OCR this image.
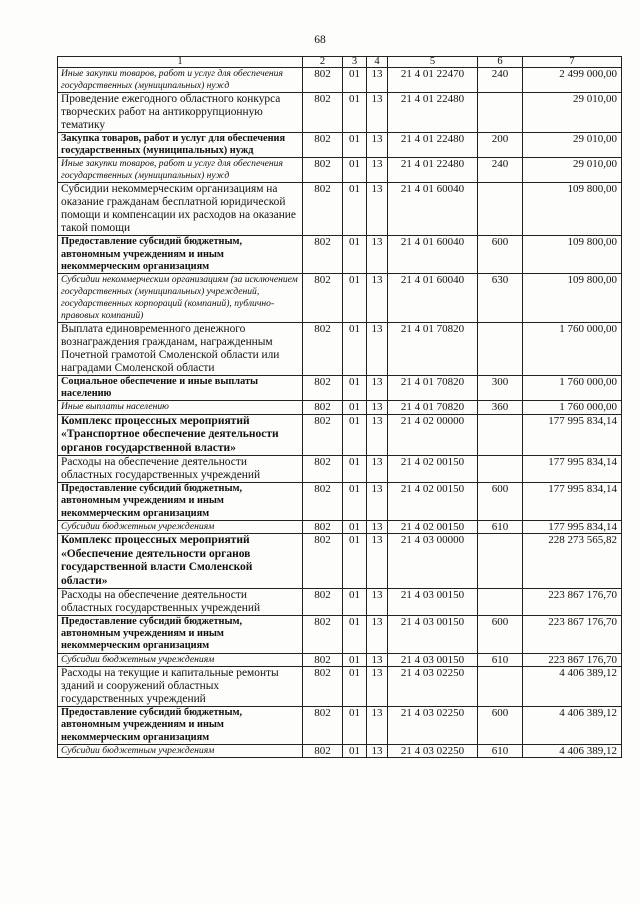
68
1	2	3	4	5	6	7
Иные закупки товаров, работ и услуг для обеспечения государственных (муниципальных) нужд	802	01	13	21 4 01 22470	240	2 499 000,00
Проведение ежегодного областного конкурса творческих работ на антикоррупционную тематику	802	01	13	21 4 01 22480		29 010,00
Закупка товаров, работ и услуг для обеспечения государственных (муниципальных) нужд	802	01	13	21 4 01 22480	200	29 010,00
Иные закупки товаров, работ и услуг для обеспечения государственных (муниципальных) нужд	802	01	13	21 4 01 22480	240	29 010,00
Субсидии некоммерческим организациям на оказание гражданам бесплатной юридической помощи и компенсации их расходов на оказание такой помощи	802	01	13	21 4 01 60040		109 800,00
Предоставление субсидий бюджетным, автономным учреждениям и иным некоммерческим организациям	802	01	13	21 4 01 60040	600	109 800,00
Субсидии некоммерческим организациям (за исключением государственных (муниципальных) учреждений, государственных корпораций (компаний), публично-правовых компаний)	802	01	13	21 4 01 60040	630	109 800,00
Выплата единовременного денежного вознаграждения гражданам, награжденным Почетной грамотой Смоленской области или наградами Смоленской области	802	01	13	21 4 01 70820		1 760 000,00
Социальное обеспечение и иные выплаты населению	802	01	13	21 4 01 70820	300	1 760 000,00
Иные выплаты населению	802	01	13	21 4 01 70820	360	1 760 000,00
Комплекс процессных мероприятий «Транспортное обеспечение деятельности органов государственной власти»	802	01	13	21 4 02 00000		177 995 834,14
Расходы на обеспечение деятельности областных государственных учреждений	802	01	13	21 4 02 00150		177 995 834,14
Предоставление субсидий бюджетным, автономным учреждениям и иным некоммерческим организациям	802	01	13	21 4 02 00150	600	177 995 834,14
Субсидии бюджетным учреждениям	802	01	13	21 4 02 00150	610	177 995 834,14
Комплекс процессных мероприятий «Обеспечение деятельности органов государственной власти Смоленской области»	802	01	13	21 4 03 00000		228 273 565,82
Расходы на обеспечение деятельности областных государственных учреждений	802	01	13	21 4 03 00150		223 867 176,70
Предоставление субсидий бюджетным, автономным учреждениям и иным некоммерческим организациям	802	01	13	21 4 03 00150	600	223 867 176,70
Субсидии бюджетным учреждениям	802	01	13	21 4 03 00150	610	223 867 176,70
Расходы на текущие и капитальные ремонты зданий и сооружений областных государственных учреждений	802	01	13	21 4 03 02250		4 406 389,12
Предоставление субсидий бюджетным, автономным учреждениям и иным некоммерческим организациям	802	01	13	21 4 03 02250	600	4 406 389,12
Субсидии бюджетным учреждениям	802	01	13	21 4 03 02250	610	4 406 389,12
